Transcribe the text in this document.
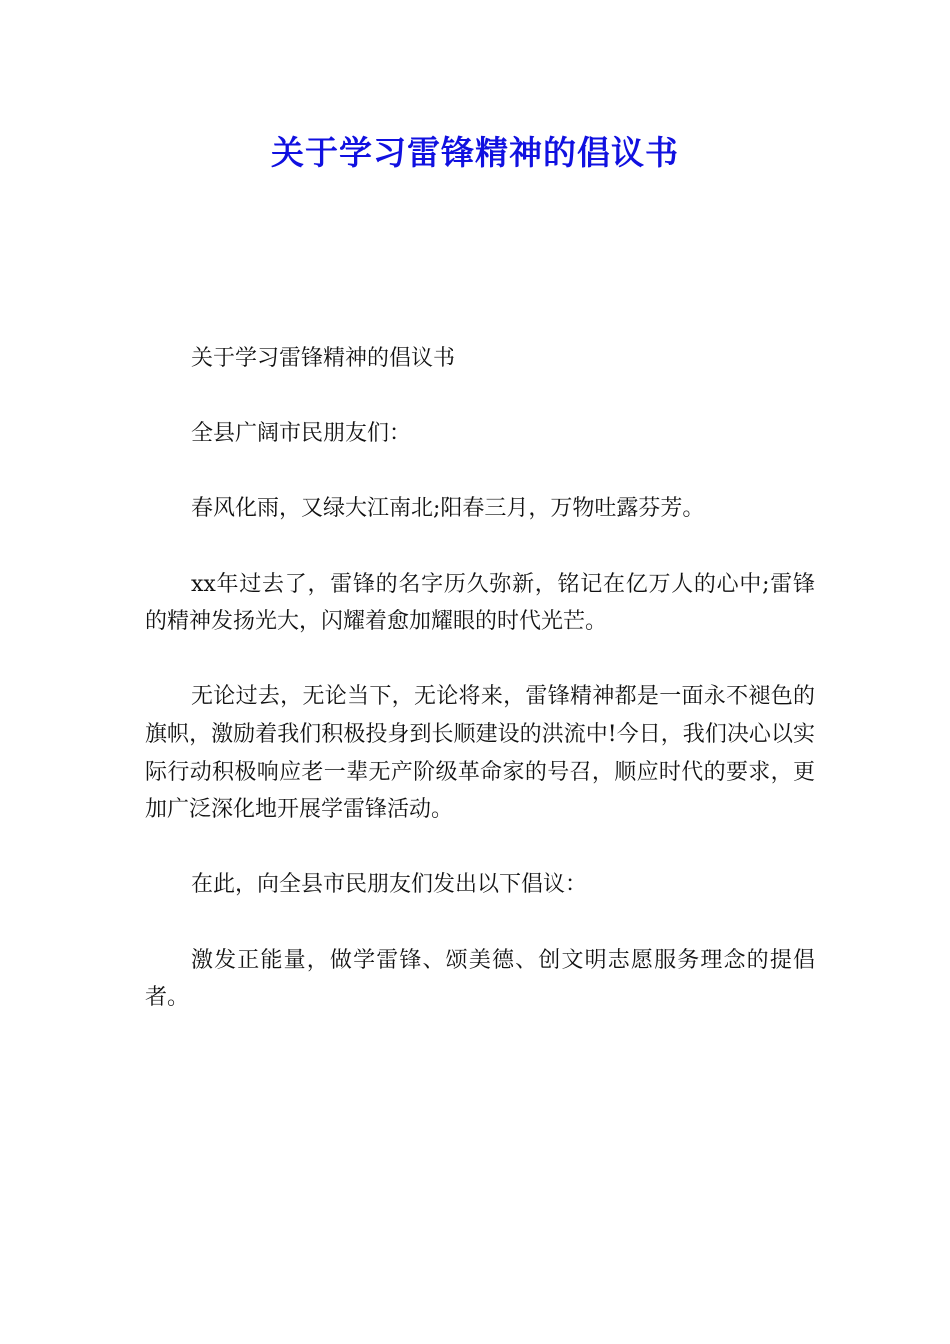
关于学习雷锋精神的倡议书

关于学习雷锋精神的倡议书

全县广阔市民朋友们：

春风化雨，又绿大江南北;阳春三月，万物吐露芬芳。

xx年过去了，雷锋的名字历久弥新，铭记在亿万人的心中;雷锋的精神发扬光大，闪耀着愈加耀眼的时代光芒。

无论过去，无论当下，无论将来，雷锋精神都是一面永不褪色的旗帜，激励着我们积极投身到长顺建设的洪流中!今日，我们决心以实际行动积极响应老一辈无产阶级革命家的号召，顺应时代的要求，更加广泛深化地开展学雷锋活动。

在此，向全县市民朋友们发出以下倡议：

激发正能量，做学雷锋、颂美德、创文明志愿服务理念的提倡者。
